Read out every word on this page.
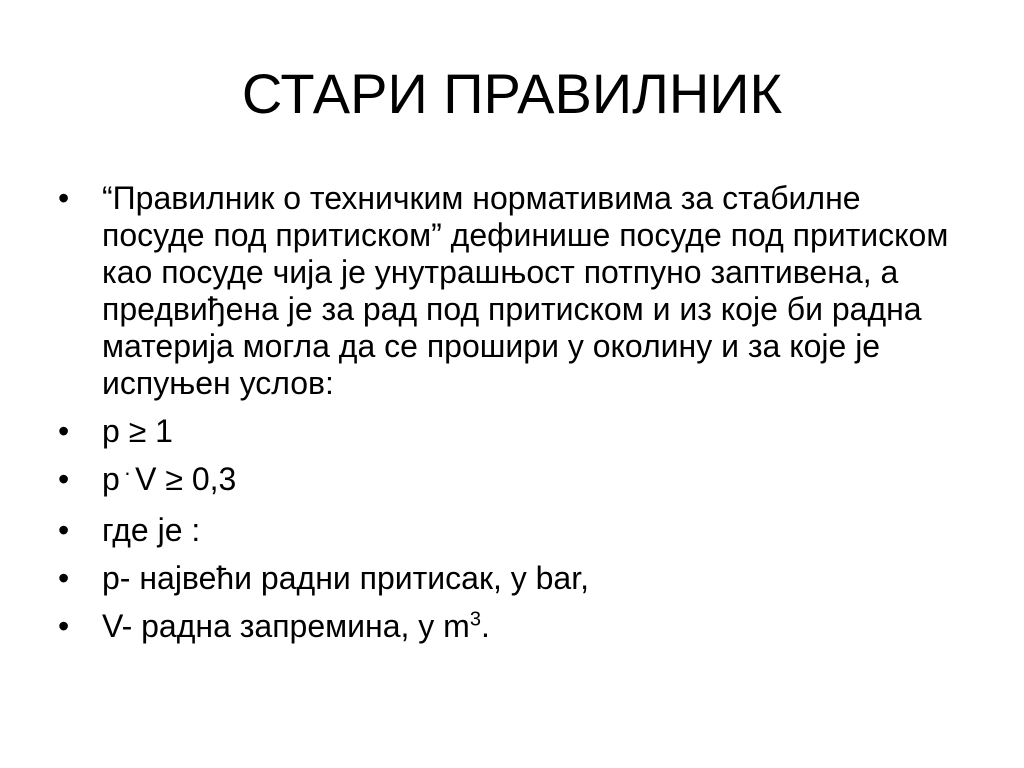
СТАРИ ПРАВИЛНИК
• “Правилник о техничким нормативима за стабилне посуде под притиском” дефинише посуде под притиском као посуде чија је унутрашњост потпуно заптивена, а предвиђена је за рад под притиском и из које би радна материја могла да се прошири у околину и за које је испуњен услов:
• p ≥ 1
• p · V ≥ 0,3
• где је :
• p- највећи радни притисак, у bar,
• V- радна запремина, у $m^3$.
